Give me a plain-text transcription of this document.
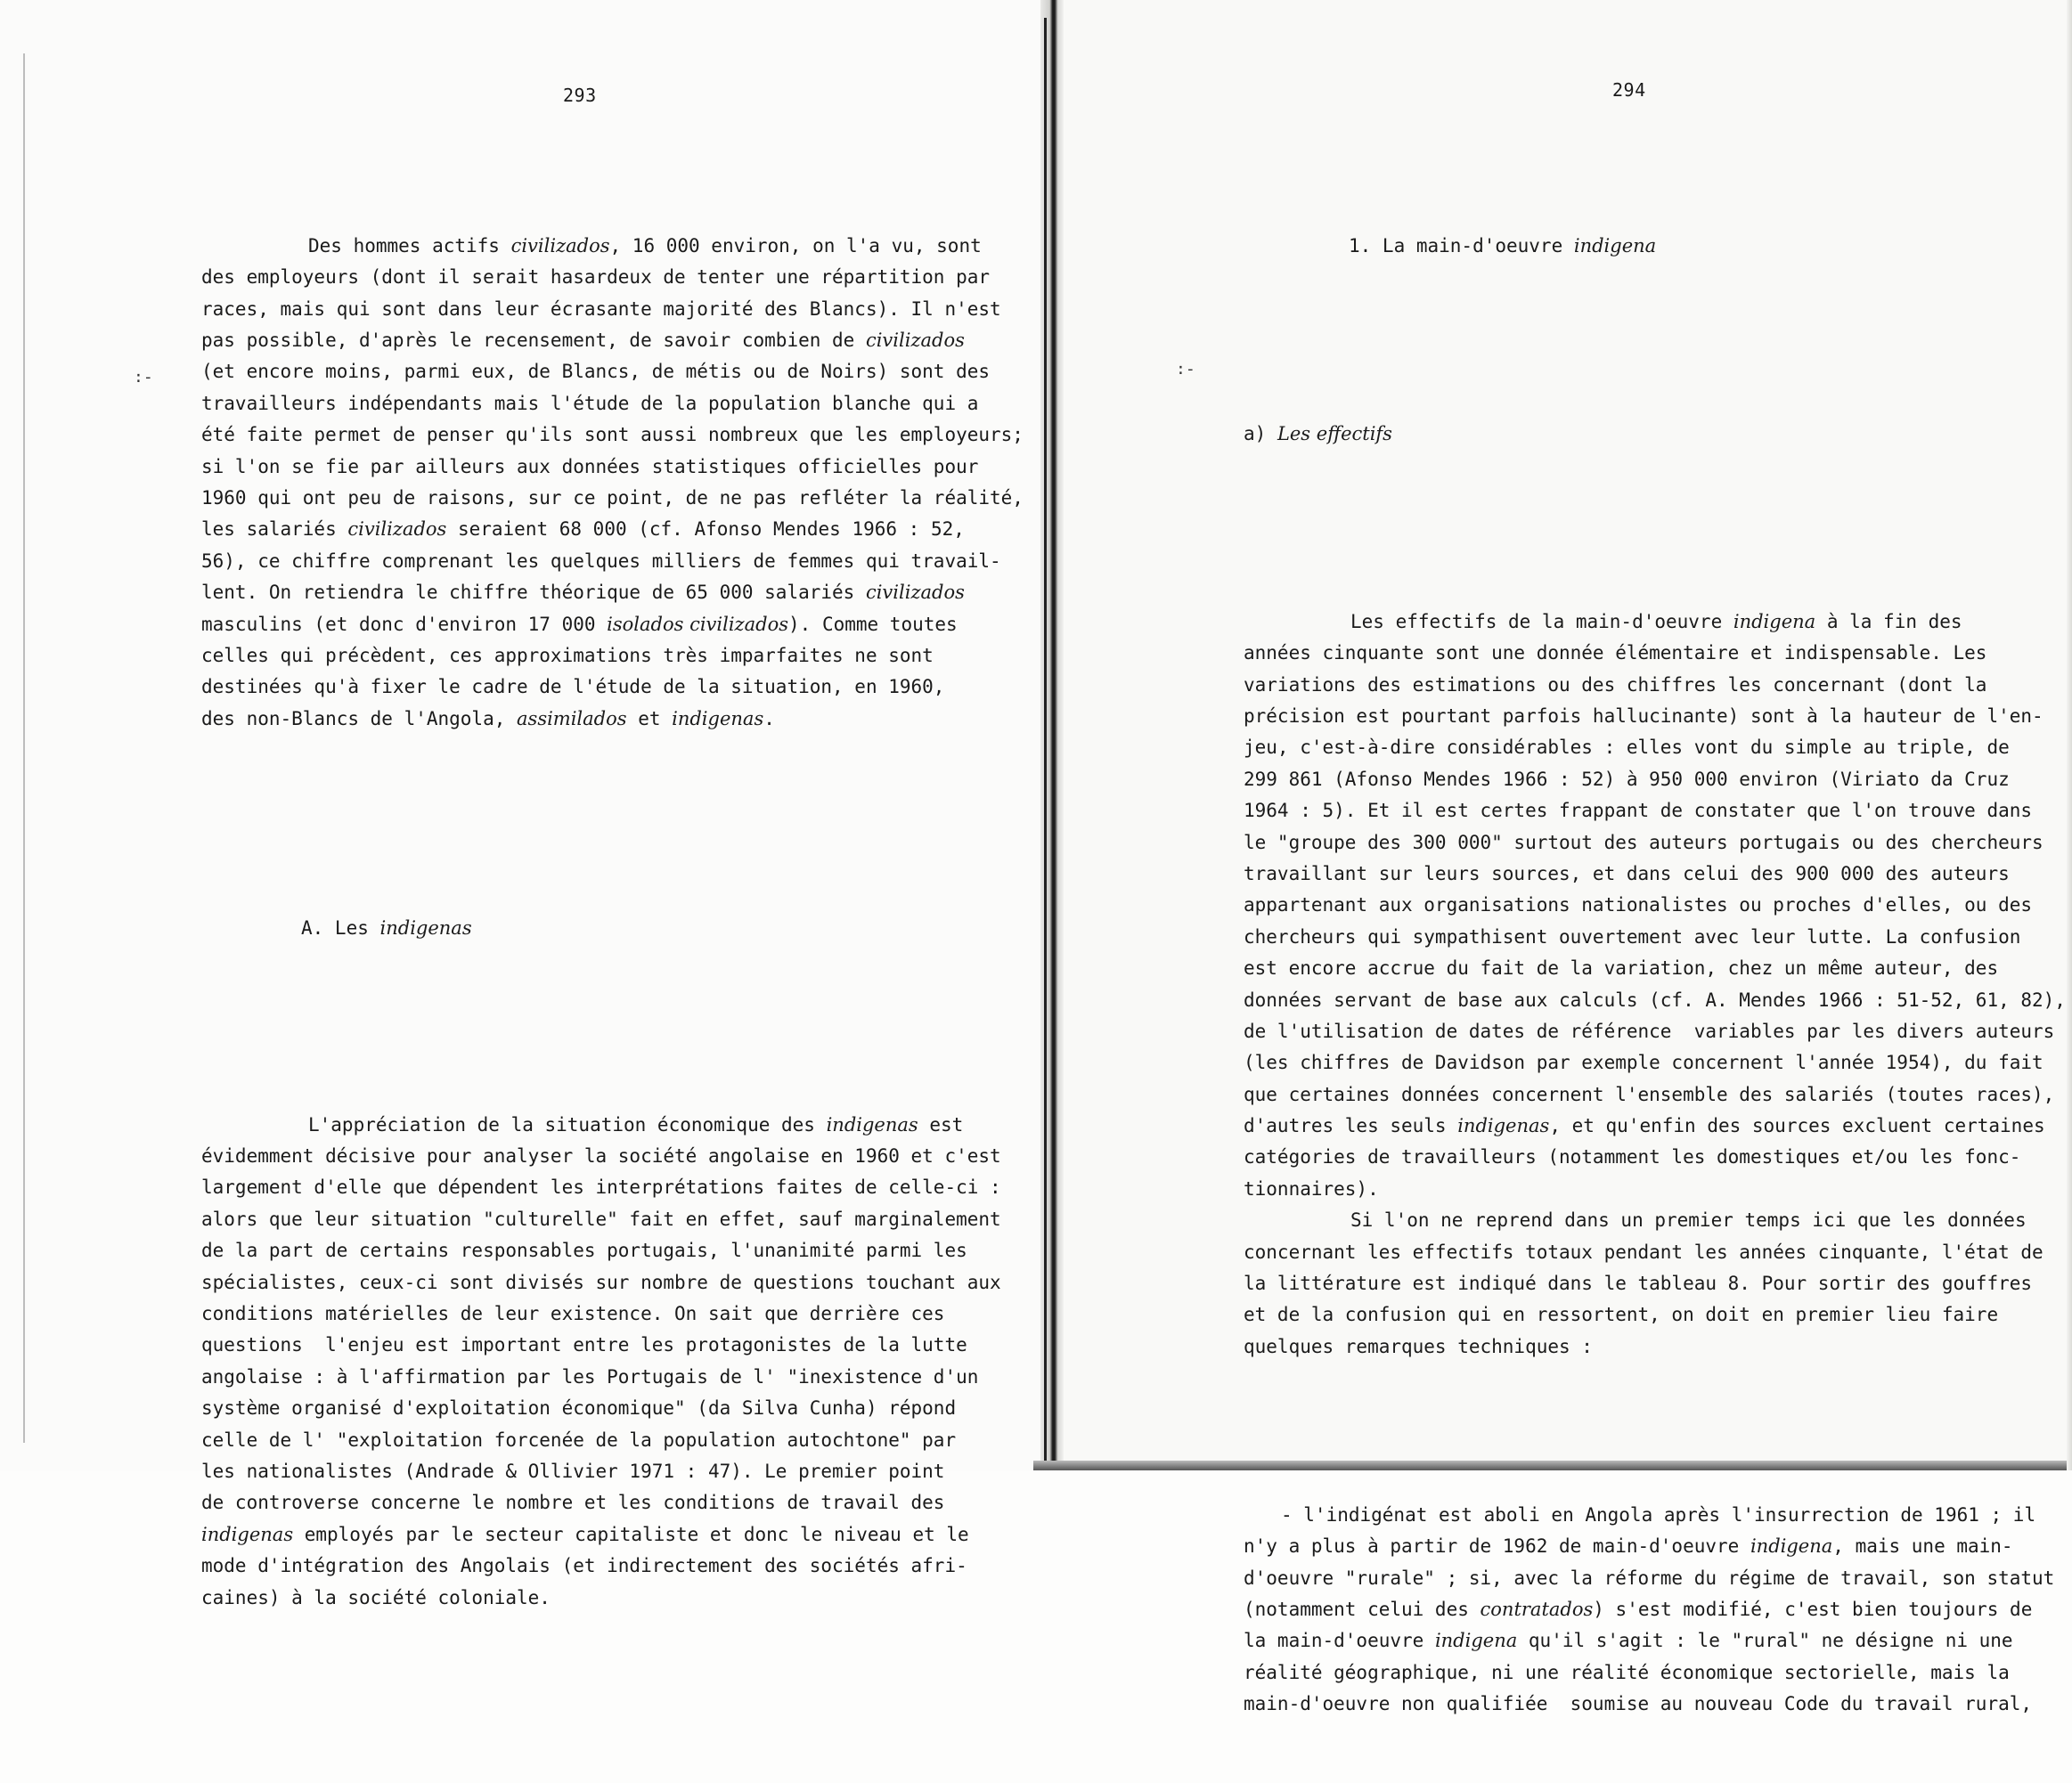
293
:-

Des hommes actifs civilizados, 16 000 environ, on l'a vu, sont
des employeurs (dont il serait hasardeux de tenter une répartition par
races, mais qui sont dans leur écrasante majorité des Blancs). Il n'est
pas possible, d'après le recensement, de savoir combien de civilizados
(et encore moins, parmi eux, de Blancs, de métis ou de Noirs) sont des
travailleurs indépendants mais l'étude de la population blanche qui a
été faite permet de penser qu'ils sont aussi nombreux que les employeurs;
si l'on se fie par ailleurs aux données statistiques officielles pour
1960 qui ont peu de raisons, sur ce point, de ne pas refléter la réalité,
les salariés civilizados seraient 68 000 (cf. Afonso Mendes 1966 : 52,
56), ce chiffre comprenant les quelques milliers de femmes qui travail-
lent. On retiendra le chiffre théorique de 65 000 salariés civilizados
masculins (et donc d'environ 17 000 isolados civilizados). Comme toutes
celles qui précèdent, ces approximations très imparfaites ne sont
destinées qu'à fixer le cadre de l'étude de la situation, en 1960,
des non-Blancs de l'Angola, assimilados et indigenas.

A. Les indigenas

L'appréciation de la situation économique des indigenas est
évidemment décisive pour analyser la société angolaise en 1960 et c'est
largement d'elle que dépendent les interprétations faites de celle-ci :
alors que leur situation "culturelle" fait en effet, sauf marginalement
de la part de certains responsables portugais, l'unanimité parmi les
spécialistes, ceux-ci sont divisés sur nombre de questions touchant aux
conditions matérielles de leur existence. On sait que derrière ces
questions  l'enjeu est important entre les protagonistes de la lutte
angolaise : à l'affirmation par les Portugais de l' "inexistence d'un
système organisé d'exploitation économique" (da Silva Cunha) répond
celle de l' "exploitation forcenée de la population autochtone" par
les nationalistes (Andrade & Ollivier 1971 : 47). Le premier point
de controverse concerne le nombre et les conditions de travail des
indigenas employés par le secteur capitaliste et donc le niveau et le
mode d'intégration des Angolais (et indirectement des sociétés afri-
caines) à la société coloniale.

294
:-

1. La main-d'oeuvre indigena

a) Les effectifs

Les effectifs de la main-d'oeuvre indigena à la fin des
années cinquante sont une donnée élémentaire et indispensable. Les
variations des estimations ou des chiffres les concernant (dont la
précision est pourtant parfois hallucinante) sont à la hauteur de l'en-
jeu, c'est-à-dire considérables : elles vont du simple au triple, de
299 861 (Afonso Mendes 1966 : 52) à 950 000 environ (Viriato da Cruz
1964 : 5). Et il est certes frappant de constater que l'on trouve dans
le "groupe des 300 000" surtout des auteurs portugais ou des chercheurs
travaillant sur leurs sources, et dans celui des 900 000 des auteurs
appartenant aux organisations nationalistes ou proches d'elles, ou des
chercheurs qui sympathisent ouvertement avec leur lutte. La confusion
est encore accrue du fait de la variation, chez un même auteur, des
données servant de base aux calculs (cf. A. Mendes 1966 : 51-52, 61, 82),
de l'utilisation de dates de référence  variables par les divers auteurs
(les chiffres de Davidson par exemple concernent l'année 1954), du fait
que certaines données concernent l'ensemble des salariés (toutes races),
d'autres les seuls indigenas, et qu'enfin des sources excluent certaines
catégories de travailleurs (notamment les domestiques et/ou les fonc-
tionnaires).
Si l'on ne reprend dans un premier temps ici que les données
concernant les effectifs totaux pendant les années cinquante, l'état de
la littérature est indiqué dans le tableau 8. Pour sortir des gouffres
et de la confusion qui en ressortent, on doit en premier lieu faire
quelques remarques techniques :

- l'indigénat est aboli en Angola après l'insurrection de 1961 ; il
n'y a plus à partir de 1962 de main-d'oeuvre indigena, mais une main-
d'oeuvre "rurale" ; si, avec la réforme du régime de travail, son statut
(notamment celui des contratados) s'est modifié, c'est bien toujours de
la main-d'oeuvre indigena qu'il s'agit : le "rural" ne désigne ni une
réalité géographique, ni une réalité économique sectorielle, mais la
main-d'oeuvre non qualifiée  soumise au nouveau Code du travail rural,
